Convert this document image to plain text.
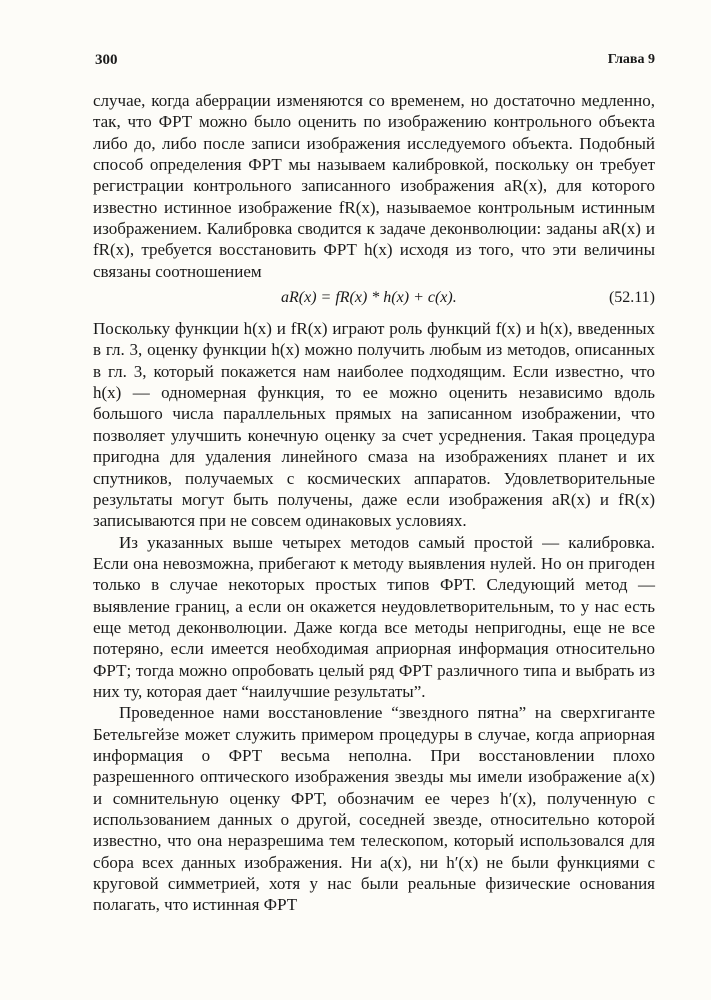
300	Глава 9

случае, когда аберрации изменяются со временем, но достаточно медленно, так, что ФРТ можно было оценить по изображению контрольного объекта либо до, либо после записи изображения исследуемого объекта. Подобный способ определения ФРТ мы называем калибровкой, поскольку он требует регистрации контрольного записанного изображения aR(x), для которого известно истинное изображение fR(x), называемое контрольным истинным изображением. Калибровка сводится к задаче деконволюции: заданы aR(x) и fR(x), требуется восстановить ФРТ h(x) исходя из того, что эти величины связаны соотношением

aR(x) = fR(x) * h(x) + c(x).	(52.11)

Поскольку функции h(x) и fR(x) играют роль функций f(x) и h(x), введенных в гл. 3, оценку функции h(x) можно получить любым из методов, описанных в гл. 3, который покажется нам наиболее подходящим. Если известно, что h(x) — одномерная функция, то ее можно оценить независимо вдоль большого числа параллельных прямых на записанном изображении, что позволяет улучшить конечную оценку за счет усреднения. Такая процедура пригодна для удаления линейного смаза на изображениях планет и их спутников, получаемых с космических аппаратов. Удовлетворительные результаты могут быть получены, даже если изображения aR(x) и fR(x) записываются при не совсем одинаковых условиях.

Из указанных выше четырех методов самый простой — калибровка. Если она невозможна, прибегают к методу выявления нулей. Но он пригоден только в случае некоторых простых типов ФРТ. Следующий метод — выявление границ, а если он окажется неудовлетворительным, то у нас есть еще метод деконволюции. Даже когда все методы непригодны, еще не все потеряно, если имеется необходимая априорная информация относительно ФРТ; тогда можно опробовать целый ряд ФРТ различного типа и выбрать из них ту, которая дает “наилучшие результаты”.

Проведенное нами восстановление “звездного пятна” на сверхгиганте Бетельгейзе может служить примером процедуры в случае, когда априорная информация о ФРТ весьма неполна. При восстановлении плохо разрешенного оптического изображения звезды мы имели изображение a(x) и сомнительную оценку ФРТ, обозначим ее через h′(x), полученную с использованием данных о другой, соседней звезде, относительно которой известно, что она неразрешима тем телескопом, который использовался для сбора всех данных изображения. Ни a(x), ни h′(x) не были функциями с круговой симметрией, хотя у нас были реальные физические основания полагать, что истинная ФРТ
